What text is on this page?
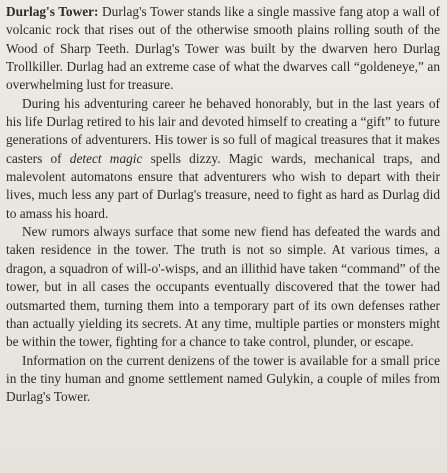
Durlag's Tower: Durlag's Tower stands like a single massive fang atop a wall of volcanic rock that rises out of the otherwise smooth plains rolling south of the Wood of Sharp Teeth. Durlag's Tower was built by the dwarven hero Durlag Trollkiller. Durlag had an extreme case of what the dwarves call “goldeneye,” an overwhelming lust for treasure.

During his adventuring career he behaved honorably, but in the last years of his life Durlag retired to his lair and devoted himself to creating a “gift” to future generations of adventurers. His tower is so full of magical treasures that it makes casters of detect magic spells dizzy. Magic wards, mechanical traps, and malevolent automatons ensure that adventurers who wish to depart with their lives, much less any part of Durlag's treasure, need to fight as hard as Durlag did to amass his hoard.

New rumors always surface that some new fiend has defeated the wards and taken residence in the tower. The truth is not so simple. At various times, a dragon, a squadron of will-o'-wisps, and an illithid have taken “command” of the tower, but in all cases the occupants eventually discovered that the tower had outsmarted them, turning them into a temporary part of its own defenses rather than actually yielding its secrets. At any time, multiple parties or monsters might be within the tower, fighting for a chance to take control, plunder, or escape.

Information on the current denizens of the tower is available for a small price in the tiny human and gnome settlement named Gulykin, a couple of miles from Durlag's Tower.
